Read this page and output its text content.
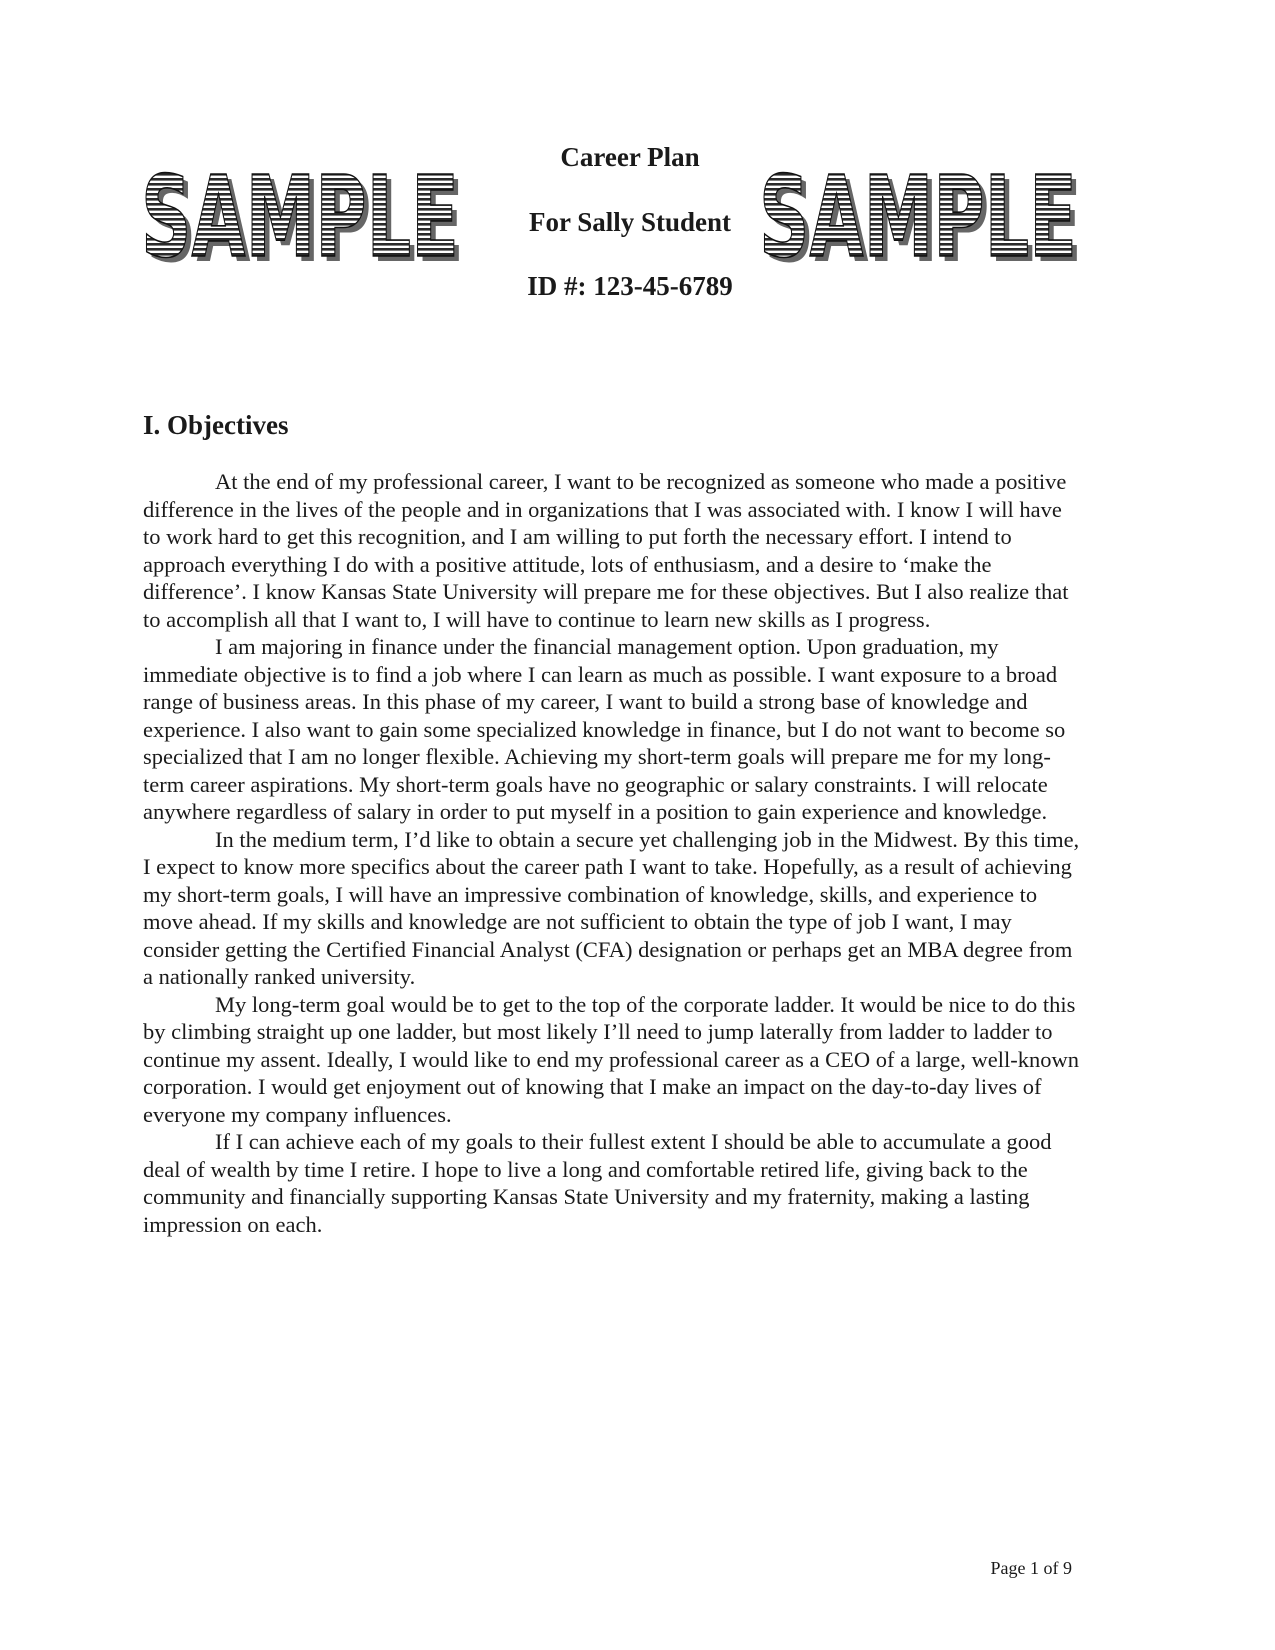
SAMPLE
SAMPLE	Career Plan
For Sally Student
ID #: 123-45-6789 SAMPLE
SAMPLE
I. Objectives

At the end of my professional career, I want to be recognized as someone who made a positive difference in the lives of the people and in organizations that I was associated with. I know I will have to work hard to get this recognition, and I am willing to put forth the necessary effort. I intend to approach everything I do with a positive attitude, lots of enthusiasm, and a desire to ‘make the difference’. I know Kansas State University will prepare me for these objectives. But I also realize that to accomplish all that I want to, I will have to continue to learn new skills as I progress.

I am majoring in finance under the financial management option. Upon graduation, my immediate objective is to find a job where I can learn as much as possible. I want exposure to a broad range of business areas. In this phase of my career, I want to build a strong base of knowledge and experience. I also want to gain some specialized knowledge in finance, but I do not want to become so specialized that I am no longer flexible. Achieving my short-term goals will prepare me for my long-term career aspirations. My short-term goals have no geographic or salary constraints. I will relocate anywhere regardless of salary in order to put myself in a position to gain experience and knowledge.

In the medium term, I’d like to obtain a secure yet challenging job in the Midwest. By this time, I expect to know more specifics about the career path I want to take. Hopefully, as a result of achieving my short-term goals, I will have an impressive combination of knowledge, skills, and experience to move ahead. If my skills and knowledge are not sufficient to obtain the type of job I want, I may consider getting the Certified Financial Analyst (CFA) designation or perhaps get an MBA degree from a nationally ranked university.

My long-term goal would be to get to the top of the corporate ladder. It would be nice to do this by climbing straight up one ladder, but most likely I’ll need to jump laterally from ladder to ladder to continue my assent. Ideally, I would like to end my professional career as a CEO of a large, well-known corporation. I would get enjoyment out of knowing that I make an impact on the day-to-day lives of everyone my company influences.

If I can achieve each of my goals to their fullest extent I should be able to accumulate a good deal of wealth by time I retire. I hope to live a long and comfortable retired life, giving back to the community and financially supporting Kansas State University and my fraternity, making a lasting impression on each.

Page 1 of 9
